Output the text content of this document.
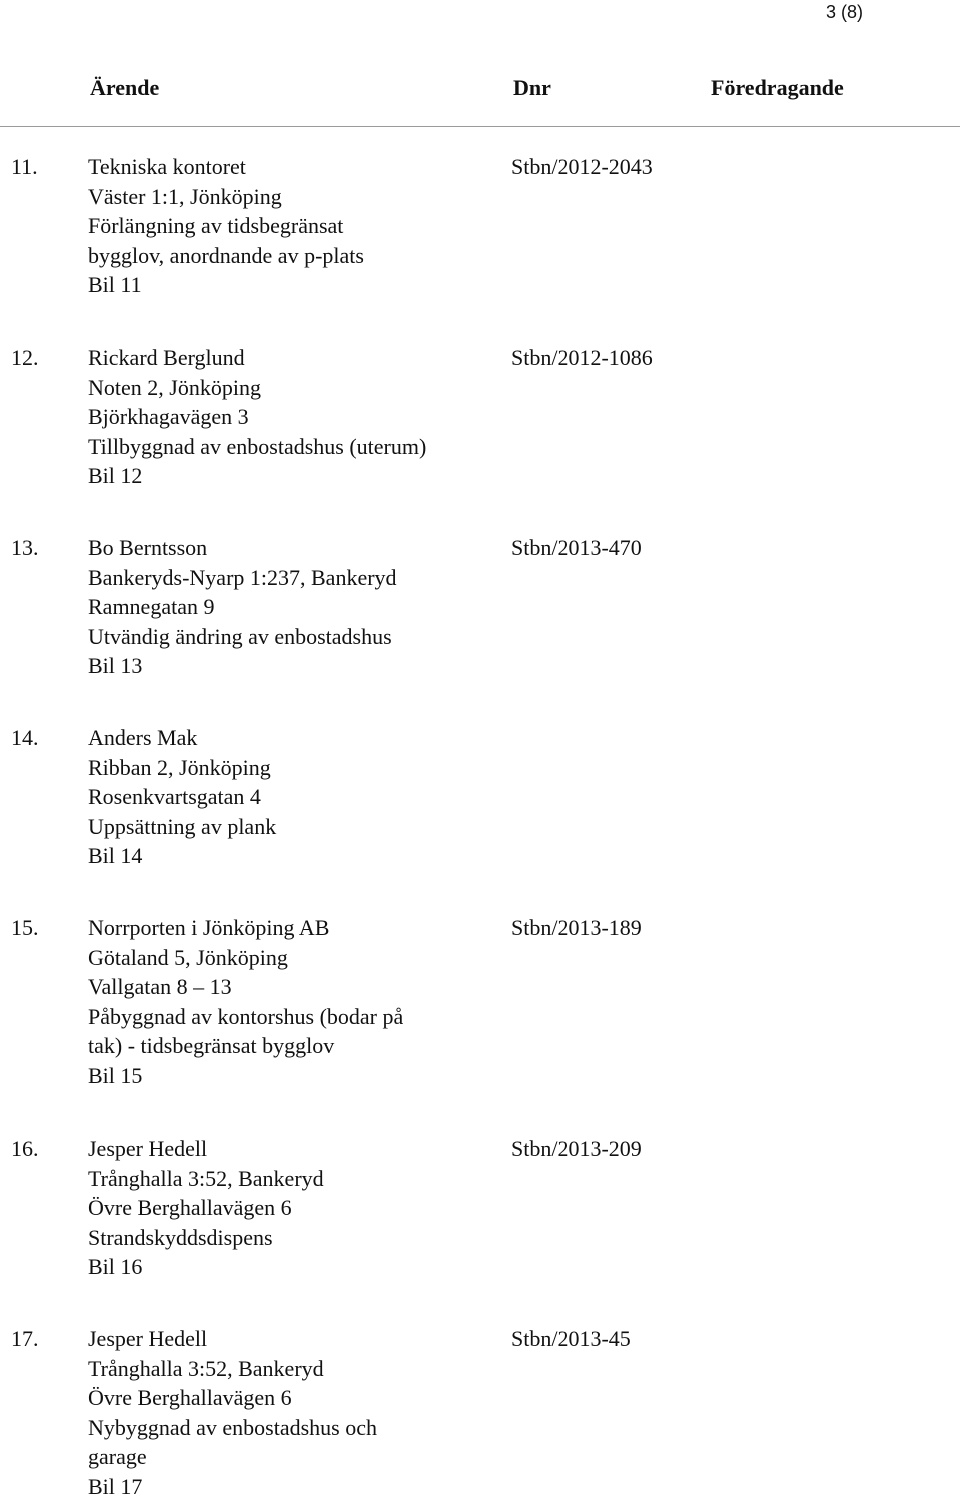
3 (8)
Ärende	Dnr	Föredragande
11. Tekniska kontoret
Väster 1:1, Jönköping
Förlängning av tidsbegränsat
bygglov, anordnande av p-plats
Bil 11
Stbn/2012-2043
12. Rickard Berglund
Noten 2, Jönköping
Björkhagavägen 3
Tillbyggnad av enbostadshus (uterum)
Bil 12
Stbn/2012-1086
13. Bo Berntsson
Bankeryds-Nyarp 1:237, Bankeryd
Ramnegatan 9
Utvändig ändring av enbostadshus
Bil 13
Stbn/2013-470
14. Anders Mak
Ribban 2, Jönköping
Rosenkvartsgatan 4
Uppsättning av plank
Bil 14
15. Norrporten i Jönköping AB
Götaland 5, Jönköping
Vallgatan 8 – 13
Påbyggnad av kontorshus (bodar på
tak) - tidsbegränsat bygglov
Bil 15
Stbn/2013-189
16. Jesper Hedell
Trånghalla 3:52, Bankeryd
Övre Berghallavägen 6
Strandskyddsdispens
Bil 16
Stbn/2013-209
17. Jesper Hedell
Trånghalla 3:52, Bankeryd
Övre Berghallavägen 6
Nybyggnad av enbostadshus och
garage
Bil 17
Stbn/2013-45
